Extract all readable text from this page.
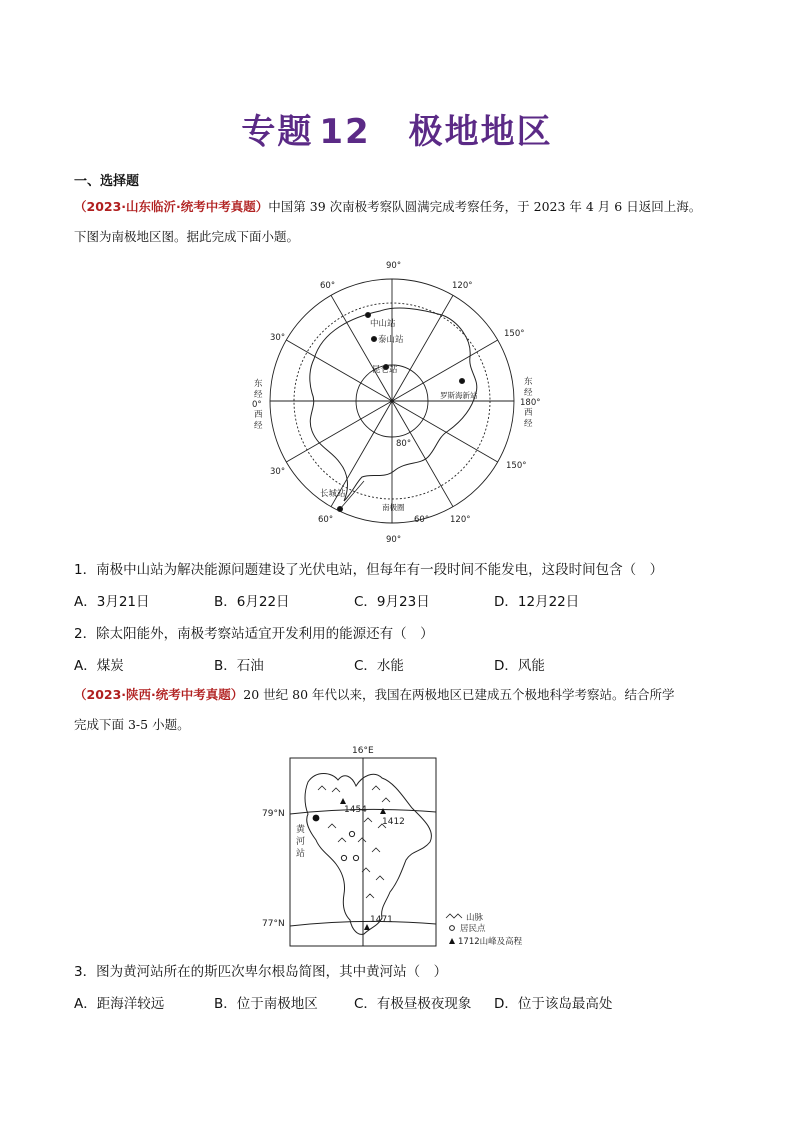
专题 12 极地地区
一、选择题
（2023·山东临沂·统考中考真题）中国第 39 次南极考察队圆满完成考察任务，于 2023 年 4 月 6 日返回上海。
下图为南极地区图。据此完成下面小题。
90°
90°
60°	120°
30°	150°
30°
150°
60°	60° 120°
东
经
0°
西
经
东
经
180°
西
经
80°
中山站
泰山站
昆仑站
罗斯海新站
长城站
南极圈
1．南极中山站为解决能源问题建设了光伏电站，但每年有一段时间不能发电，这段时间包含（　）
A．3月21日	B．6月22日	C．9月23日	D．12月22日
2．除太阳能外，南极考察站适宜开发利用的能源还有（　）
A．煤炭	B．石油	C．水能	D．风能
（2023·陕西·统考中考真题）20 世纪 80 年代以来，我国在两极地区已建成五个极地科学考察站。结合所学
完成下面 3-5 小题。
16°E
79°N
77°N
1454
1412
1471
黄
河
站
山脉
居民点
1712山峰及高程
3．图为黄河站所在的斯匹次卑尔根岛简图，其中黄河站（　）
A．距海洋较远	B．位于南极地区	C．有极昼极夜现象 D．位于该岛最高处
